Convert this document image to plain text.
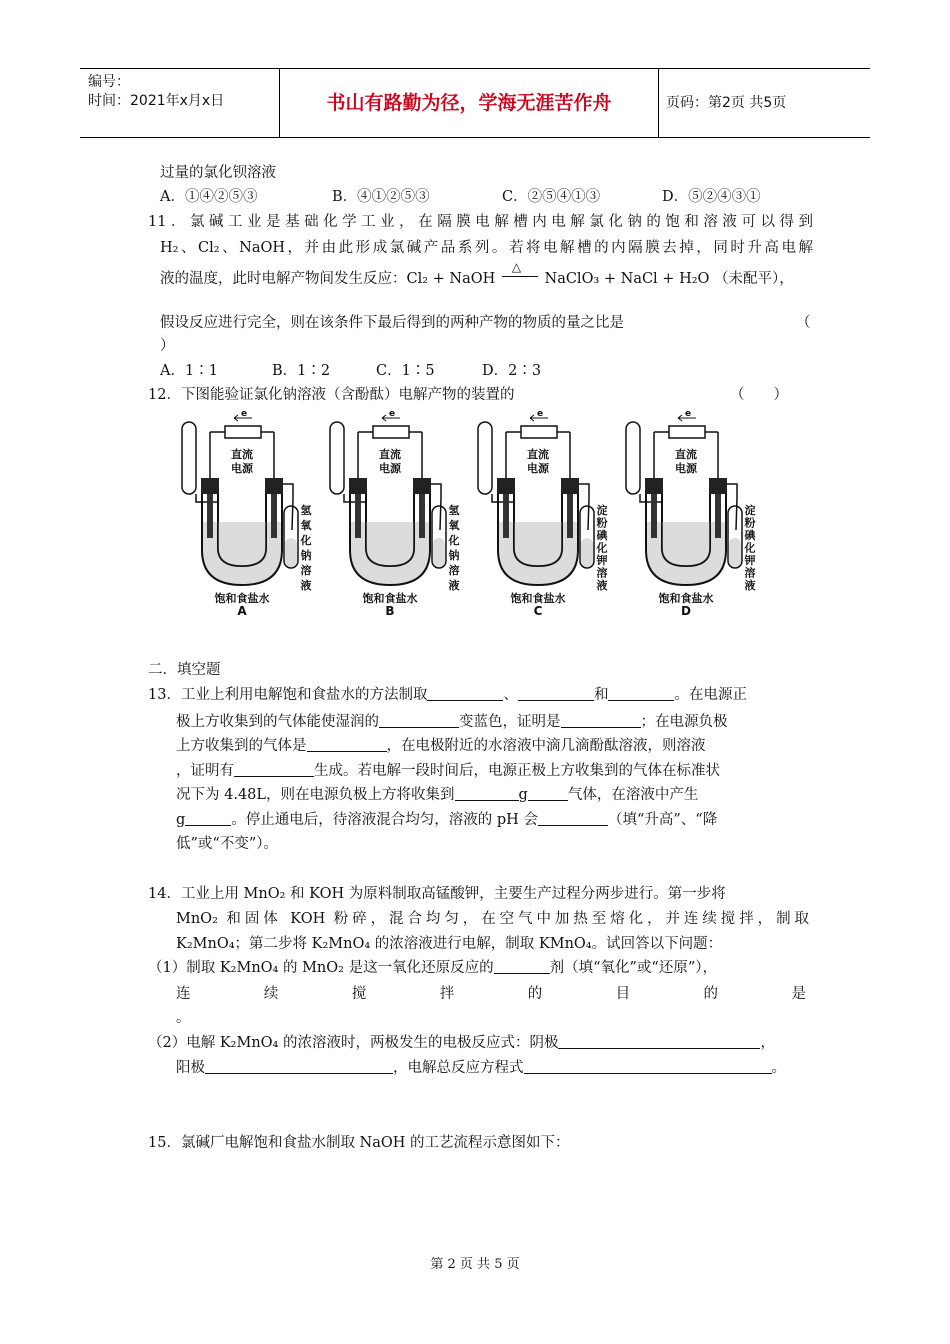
编号：
时间：2021年x月x日	书山有路勤为径，学海无涯苦作舟	页码：第2页 共5页
过量的氯化钡溶液
A．①④②⑤③	B．④①②⑤③	C．②⑤④①③	D．⑤②④③①
11．氯碱工业是基础化学工业，在隔膜电解槽内电解氯化钠的饱和溶液可以得到
H₂、Cl₂、NaOH，并由此形成氯碱产品系列。若将电解槽的内隔膜去掉，同时升高电解
液的温度，此时电解产物间发生反应：Cl₂ + NaOH
△
NaClO₃ + NaCl + H₂O （未配平），
假设反应进行完全，则在该条件下最后得到的两种产物的物质的量之比是	（
）
A．1∶1	B．1∶2	C．1∶5	D．2∶3
12．下图能验证氯化钠溶液（含酚酞）电解产物的装置的	（　　）
e
直流
电源
氢
氧
化
钠
溶
液
饱和食盐水
A
e
直流
电源
氢
氧
化
钠
溶
液
饱和食盐水
B
e
直流
电源
淀
粉
碘
化
钾
溶
液
饱和食盐水
C
e
直流
电源
淀
粉
碘
化
钾
溶
液
饱和食盐水
D
二．填空题
13．工业上利用电解饱和食盐水的方法制取	、	和	。在电源正
极上方收集到的气体能使湿润的	变蓝色，证明是	；在电源负极
上方收集到的气体是	，在电极附近的水溶液中滴几滴酚酞溶液，则溶液
，证明有	生成。若电解一段时间后，电源正极上方收集到的气体在标准状
况下为 4.48L，则在电源负极上方将收集到	g	气体，在溶液中产生
g	。停止通电后，待溶液混合均匀，溶液的 pH 会	（填“升高”、“降
低”或“不变”）。
14．工业上用 MnO₂ 和 KOH 为原料制取高锰酸钾，主要生产过程分两步进行。第一步将
MnO₂ 和固体 KOH 粉碎，混合均匀，在空气中加热至熔化，并连续搅拌，制取
K₂MnO₄；第二步将 K₂MnO₄ 的浓溶液进行电解，制取 KMnO₄。试回答以下问题：
（1）制取 K₂MnO₄ 的 MnO₂ 是这一氧化还原反应的	剂（填“氧化”或“还原”），
连	续	搅	拌	的	目	的	是
。
（2）电解 K₂MnO₄ 的浓溶液时，两极发生的电极反应式：阴极	，
阳极	，电解总反应方程式	。
15．氯碱厂电解饱和食盐水制取 NaOH 的工艺流程示意图如下：
第 2 页 共 5 页
